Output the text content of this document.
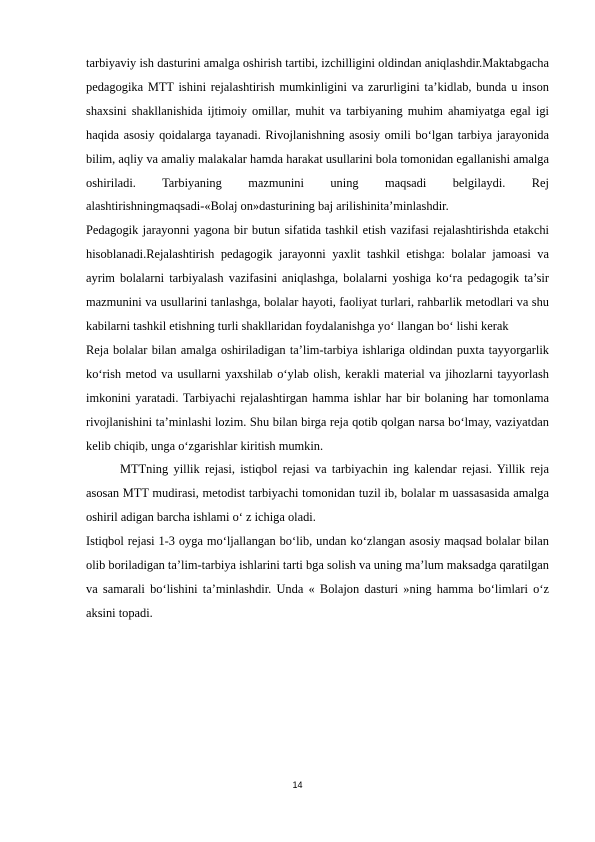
tarbiyaviy ish dasturini amalga oshirish tartibi, izchilligini oldindan aniqlashdir.Maktabgacha pedagogika MTT ishini rejalashtirish mumkinligini va zarurligini ta’kidlab, bunda u inson shaxsini shakllanishida ijtimoiy omillar, muhit va tarbiyaning muhim ahamiyatga egal igi haqida asosiy qoidalarga tayanadi. Rivojlanishning asosiy omili bo‘lgan tarbiya jarayonida bilim, aqliy va amaliy malakalar hamda harakat usullarini bola tomonidan egallanishi amalga oshiriladi. Tarbiyaning mazmunini uning maqsadi belgilaydi. Rej alashtirishningmaqsadi-«Bolaj on»dasturining baj arilishinita’minlashdir.

Pedagogik jarayonni yagona bir butun sifatida tashkil etish vazifasi rejalashtirishda etakchi hisoblanadi.Rejalashtirish pedagogik jarayonni yaxlit tashkil etishga: bolalar jamoasi va ayrim bolalarni tarbiyalash vazifasini aniqlashga, bolalarni yoshiga ko‘ra pedagogik ta’sir mazmunini va usullarini tanlashga, bolalar hayoti, faoliyat turlari, rahbarlik metodlari va shu kabilarni tashkil etishning turli shakllaridan foydalanishga yo‘ llangan bo‘ lishi kerak

Reja bolalar bilan amalga oshiriladigan ta’lim-tarbiya ishlariga oldindan puxta tayyorgarlik ko‘rish metod va usullarni yaxshilab o‘ylab olish, kerakli material va jihozlarni tayyorlash imkonini yaratadi. Tarbiyachi rejalashtirgan hamma ishlar har bir bolaning har tomonlama rivojlanishini ta’minlashi lozim. Shu bilan birga reja qotib qolgan narsa bo‘lmay, vaziyatdan kelib chiqib, unga o‘zgarishlar kiritish mumkin.

MTTning yillik rejasi, istiqbol rejasi va tarbiyachin ing kalendar rejasi. Yillik reja asosan MTT mudirasi, metodist tarbiyachi tomonidan tuzil ib, bolalar m uassasasida amalga oshiril adigan barcha ishlami o‘ z ichiga oladi.

Istiqbol rejasi 1-3 oyga mo‘ljallangan bo‘lib, undan ko‘zlangan asosiy maqsad bolalar bilan olib boriladigan ta’lim-tarbiya ishlarini tarti bga solish va uning ma’lum maksadga qaratilgan va samarali bo‘lishini ta’minlashdir. Unda « Bolajon dasturi »ning hamma bo‘limlari o‘z aksini topadi.

14
